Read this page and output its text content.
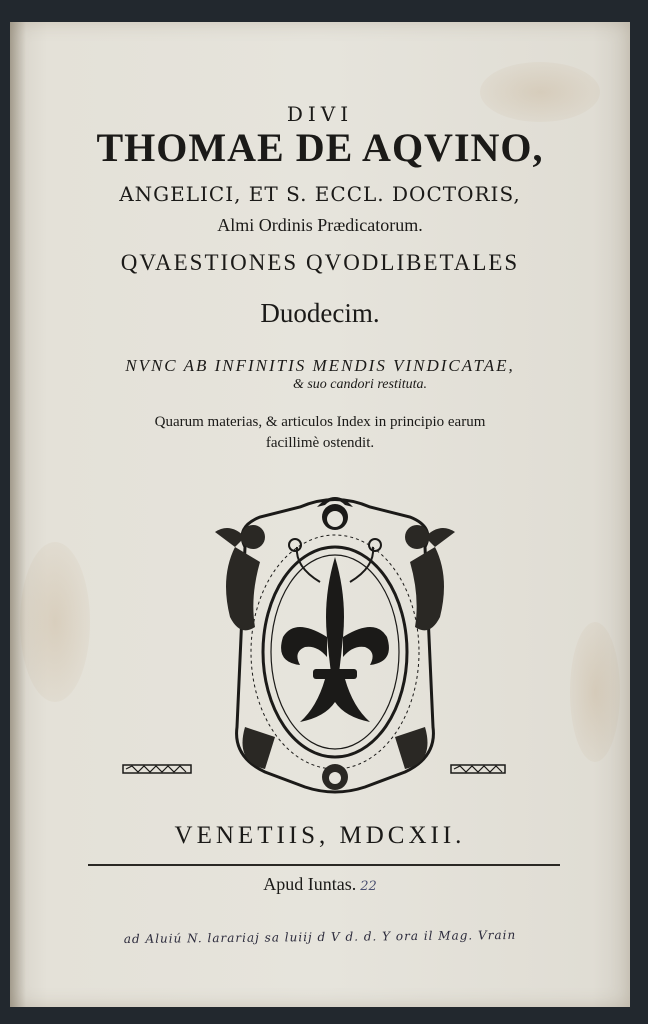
DIVI
THOMAE DE AQVINO,
ANGELICI, ET S. ECCL. DOCTORIS,
Almi Ordinis Prædicatorum.
QVAESTIONES QVODLIBETALES
Duodecim.
NVNC AB INFINITIS MENDIS VINDICATAE,
& suo candori restituta.
Quarum materias, & articulos Index in principio earum
facillimè ostendit.
VENETIIS, MDCXII.
Apud Iuntas. 22
ad Aluiú N. larariaj sa luiij d V d. d. Y ora il Mag. Vrain
